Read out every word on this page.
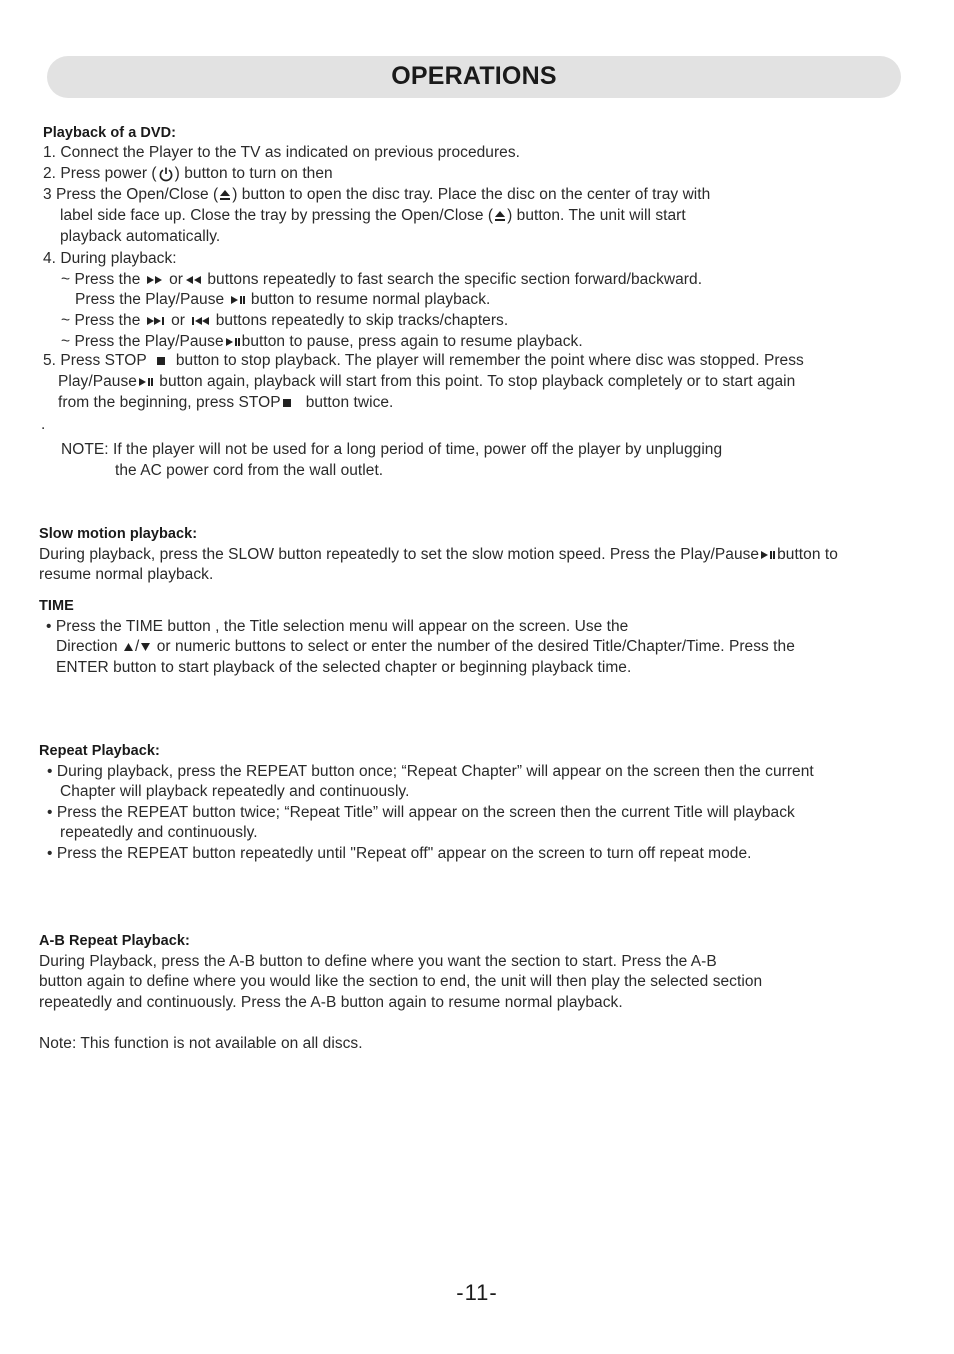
OPERATIONS
Playback of a DVD:
1. Connect the Player to the TV as indicated on previous procedures.
2. Press power ( ) button to turn on then
3 Press the Open/Close ( ) button to open the disc tray. Place the disc on the center of tray with
label side face up. Close the tray by pressing the Open/Close ( ) button. The unit will start
playback automatically.
4. During playback:
~ Press the or buttons repeatedly to fast search the specific section forward/backward.
Press the Play/Pause button to resume normal playback.
~ Press the or buttons repeatedly to skip tracks/chapters.
~ Press the Play/Pause button to pause, press again to resume playback.
5. Press STOP button to stop playback. The player will remember the point where disc was stopped. Press
Play/Pause button again, playback will start from this point. To stop playback completely or to start again
from the beginning, press STOP button twice.
.
NOTE: If the player will not be used for a long period of time, power off the player by unplugging
the AC power cord from the wall outlet.
Slow motion playback:
During playback, press the SLOW button repeatedly to set the slow motion speed. Press the Play/Pause button to
resume normal playback.
TIME
• Press the TIME button , the Title selection menu will appear on the screen. Use the
Direction / or numeric buttons to select or enter the number of the desired Title/Chapter/Time. Press the
ENTER button to start playback of the selected chapter or beginning playback time.
Repeat Playback:
• During playback, press the REPEAT button once; “Repeat Chapter” will appear on the screen then the current
Chapter will playback repeatedly and continuously.
• Press the REPEAT button twice; “Repeat Title” will appear on the screen then the current Title will playback
repeatedly and continuously.
• Press the REPEAT button repeatedly until "Repeat off" appear on the screen to turn off repeat mode.
A-B Repeat Playback:
During Playback, press the A-B button to define where you want the section to start. Press the A-B
button again to define where you would like the section to end, the unit will then play the selected section
repeatedly and continuously. Press the A-B button again to resume normal playback.
Note: This function is not available on all discs.
-11-
